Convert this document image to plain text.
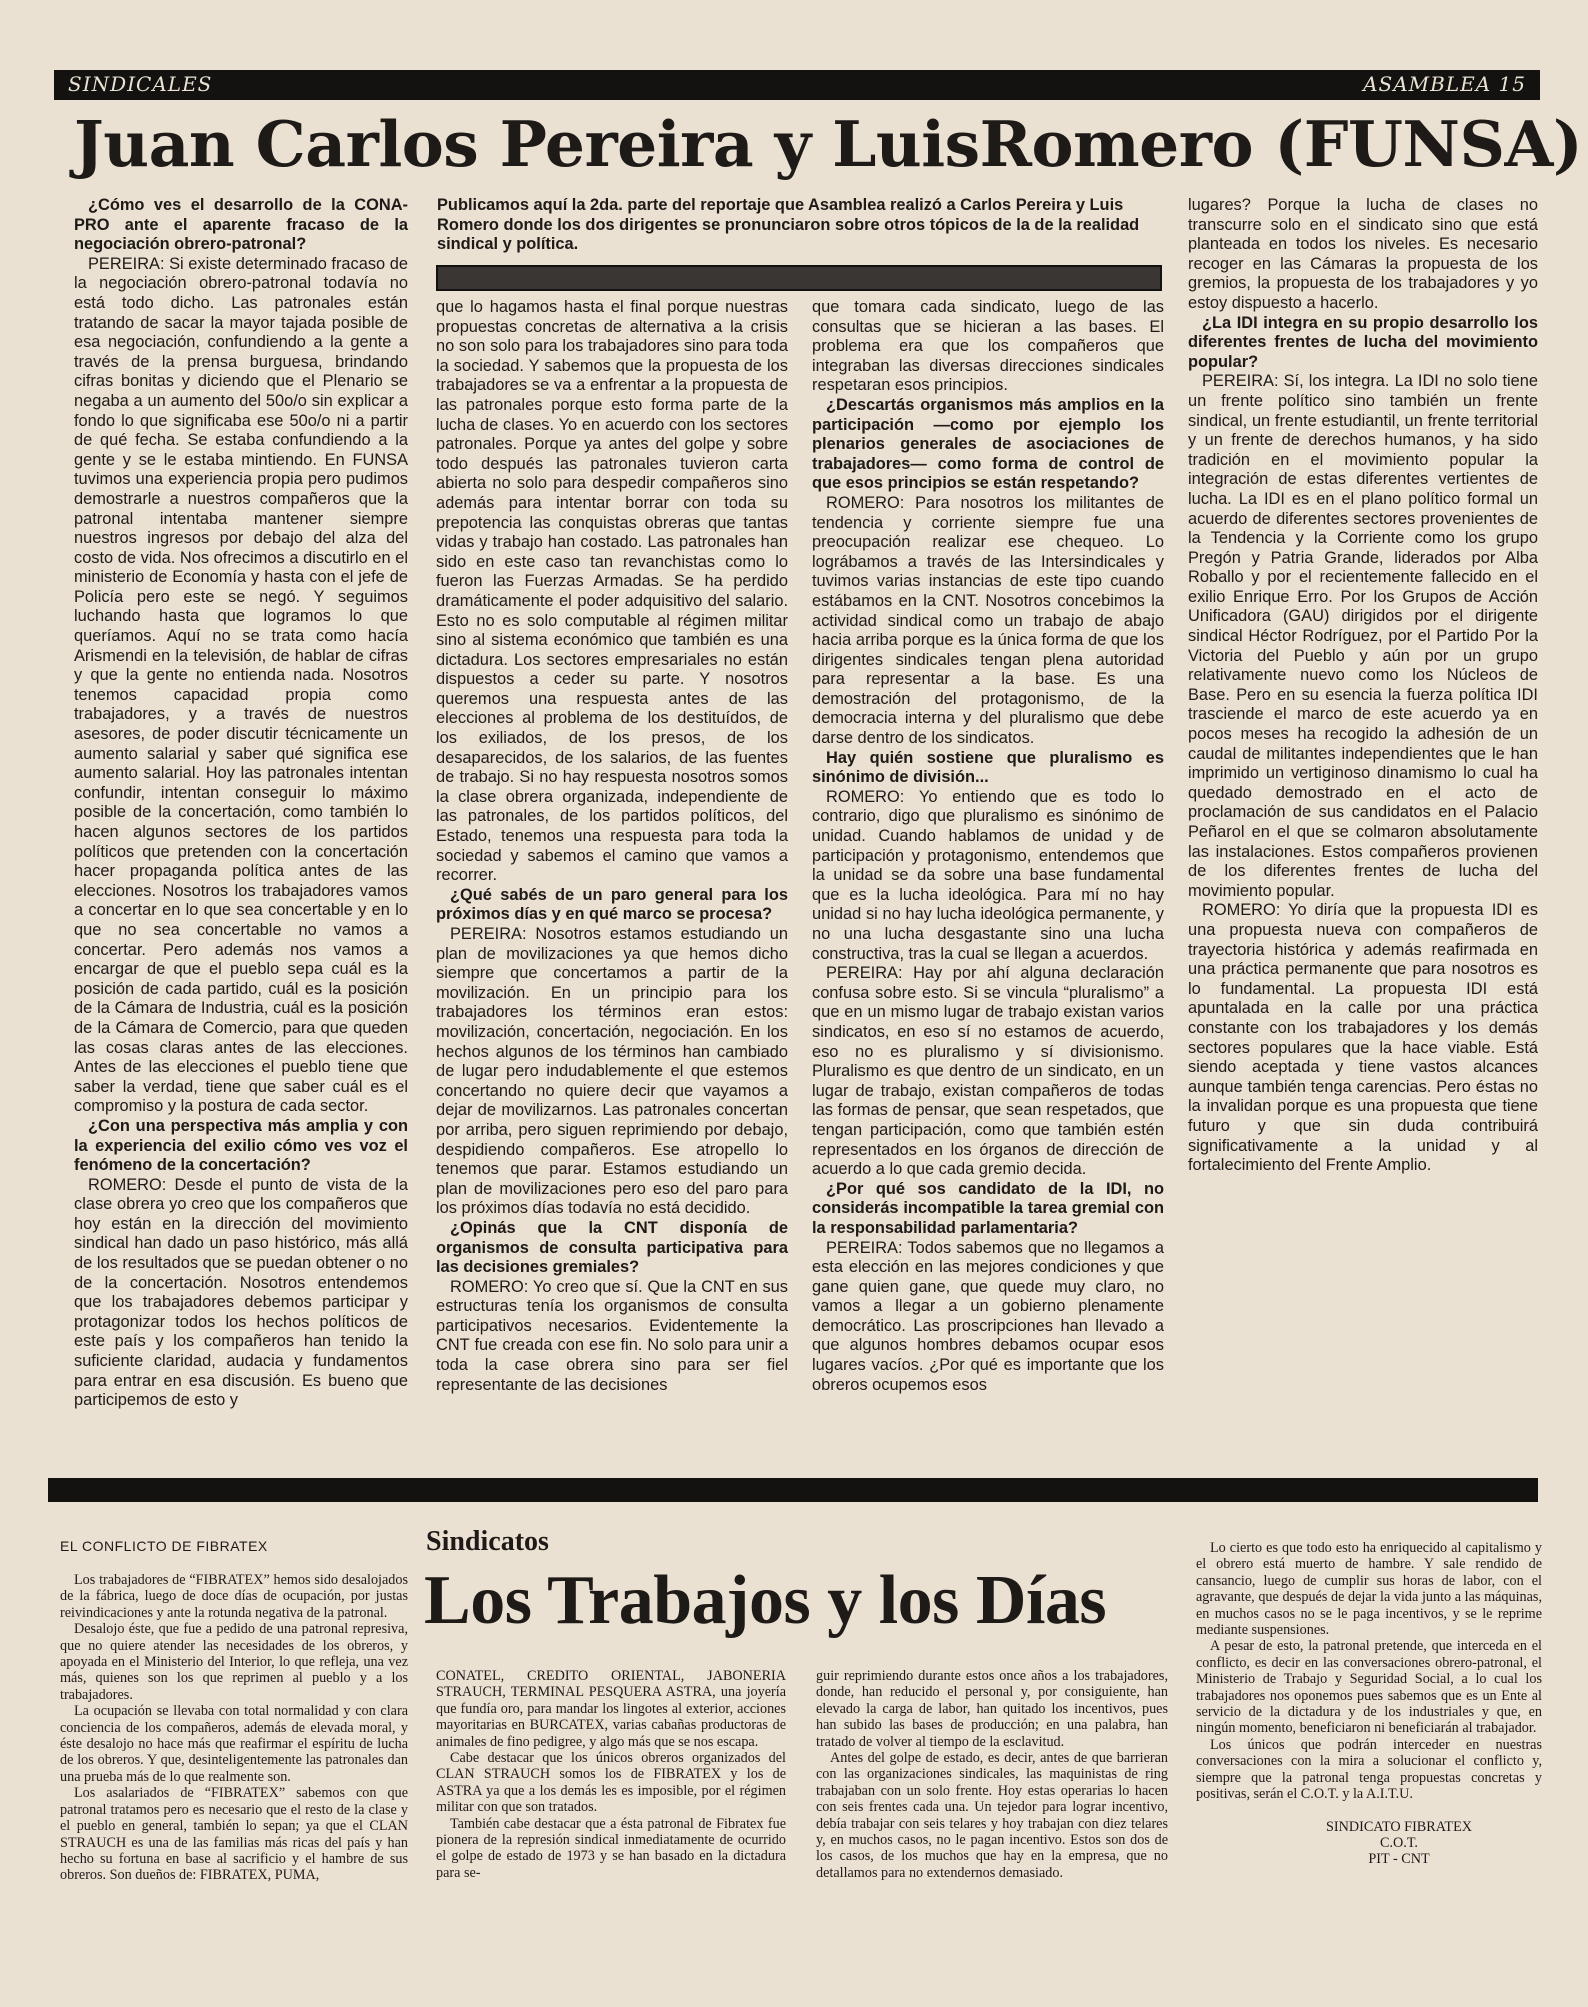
SINDICALES	ASAMBLEA 15
Juan Carlos Pereira y LuisRomero (FUNSA)

¿Cómo ves el desarrollo de la CONA-PRO ante el aparente fracaso de la negociación obrero-patronal?

PEREIRA: Si existe determinado fracaso de la negociación obrero-patronal todavía no está todo dicho. Las patronales están tratando de sacar la mayor tajada posible de esa negociación, confundiendo a la gente a través de la prensa burguesa, brindando cifras bonitas y diciendo que el Plenario se negaba a un aumento del 50o/o sin explicar a fondo lo que significaba ese 50o/o ni a partir de qué fecha. Se estaba confundiendo a la gente y se le estaba mintiendo. En FUNSA tuvimos una experiencia propia pero pudimos demostrarle a nuestros compañeros que la patronal intentaba mantener siempre nuestros ingresos por debajo del alza del costo de vida. Nos ofrecimos a discutirlo en el ministerio de Economía y hasta con el jefe de Policía pero este se negó. Y seguimos luchando hasta que logramos lo que queríamos. Aquí no se trata como hacía Arismendi en la televisión, de hablar de cifras y que la gente no entienda nada. Nosotros tenemos capacidad propia como trabajadores, y a través de nuestros asesores, de poder discutir técnicamente un aumento salarial y saber qué significa ese aumento salarial. Hoy las patronales intentan confundir, intentan conseguir lo máximo posible de la concertación, como también lo hacen algunos sectores de los partidos políticos que pretenden con la concertación hacer propaganda política antes de las elecciones. Nosotros los trabajadores vamos a concertar en lo que sea concertable y en lo que no sea concertable no vamos a concertar. Pero además nos vamos a encargar de que el pueblo sepa cuál es la posición de cada partido, cuál es la posición de la Cámara de Industria, cuál es la posición de la Cámara de Comercio, para que queden las cosas claras antes de las elecciones. Antes de las elecciones el pueblo tiene que saber la verdad, tiene que saber cuál es el compromiso y la postura de cada sector.

¿Con una perspectiva más amplia y con la experiencia del exilio cómo ves voz el fenómeno de la concertación?

ROMERO: Desde el punto de vista de la clase obrera yo creo que los compañeros que hoy están en la dirección del movimiento sindical han dado un paso histórico, más allá de los resultados que se puedan obtener o no de la concertación. Nosotros entendemos que los trabajadores debemos participar y protagonizar todos los hechos políticos de este país y los compañeros han tenido la suficiente claridad, audacia y fundamentos para entrar en esa discusión. Es bueno que participemos de esto y

Publicamos aquí la 2da. parte del reportaje que Asamblea realizó a Carlos Pereira y Luis Romero donde los dos dirigentes se pronunciaron sobre otros tópicos de la de la realidad sindical y política.

que lo hagamos hasta el final porque nuestras propuestas concretas de alternativa a la crisis no son solo para los trabajadores sino para toda la sociedad. Y sabemos que la propuesta de los trabajadores se va a enfrentar a la propuesta de las patronales porque esto forma parte de la lucha de clases. Yo en acuerdo con los sectores patronales. Porque ya antes del golpe y sobre todo después las patronales tuvieron carta abierta no solo para despedir compañeros sino además para intentar borrar con toda su prepotencia las conquistas obreras que tantas vidas y trabajo han costado. Las patronales han sido en este caso tan revanchistas como lo fueron las Fuerzas Armadas. Se ha perdido dramáticamente el poder adquisitivo del salario. Esto no es solo computable al régimen militar sino al sistema económico que también es una dictadura. Los sectores empresariales no están dispuestos a ceder su parte. Y nosotros queremos una respuesta antes de las elecciones al problema de los destituídos, de los exiliados, de los presos, de los desaparecidos, de los salarios, de las fuentes de trabajo. Si no hay respuesta nosotros somos la clase obrera organizada, independiente de las patronales, de los partidos políticos, del Estado, tenemos una respuesta para toda la sociedad y sabemos el camino que vamos a recorrer.

¿Qué sabés de un paro general para los próximos días y en qué marco se procesa?

PEREIRA: Nosotros estamos estudiando un plan de movilizaciones ya que hemos dicho siempre que concertamos a partir de la movilización. En un principio para los trabajadores los términos eran estos: movilización, concertación, negociación. En los hechos algunos de los términos han cambiado de lugar pero indudablemente el que estemos concertando no quiere decir que vayamos a dejar de movilizarnos. Las patronales concertan por arriba, pero siguen reprimiendo por debajo, despidiendo compañeros. Ese atropello lo tenemos que parar. Estamos estudiando un plan de movilizaciones pero eso del paro para los próximos días todavía no está decidido.

¿Opinás que la CNT disponía de organismos de consulta participativa para las decisiones gremiales?

ROMERO: Yo creo que sí. Que la CNT en sus estructuras tenía los organismos de consulta participativos necesarios. Evidentemente la CNT fue creada con ese fin. No solo para unir a toda la case obrera sino para ser fiel representante de las decisiones

que tomara cada sindicato, luego de las consultas que se hicieran a las bases. El problema era que los compañeros que integraban las diversas direcciones sindicales respetaran esos principios.

¿Descartás organismos más amplios en la participación —como por ejemplo los plenarios generales de asociaciones de trabajadores— como forma de control de que esos principios se están respetando?

ROMERO: Para nosotros los militantes de tendencia y corriente siempre fue una preocupación realizar ese chequeo. Lo lográbamos a través de las Intersindicales y tuvimos varias instancias de este tipo cuando estábamos en la CNT. Nosotros concebimos la actividad sindical como un trabajo de abajo hacia arriba porque es la única forma de que los dirigentes sindicales tengan plena autoridad para representar a la base. Es una demostración del protagonismo, de la democracia interna y del pluralismo que debe darse dentro de los sindicatos.

Hay quién sostiene que pluralismo es sinónimo de división...

ROMERO: Yo entiendo que es todo lo contrario, digo que pluralismo es sinónimo de unidad. Cuando hablamos de unidad y de participación y protagonismo, entendemos que la unidad se da sobre una base fundamental que es la lucha ideológica. Para mí no hay unidad si no hay lucha ideológica permanente, y no una lucha desgastante sino una lucha constructiva, tras la cual se llegan a acuerdos.

PEREIRA: Hay por ahí alguna declaración confusa sobre esto. Si se vincula “pluralismo” a que en un mismo lugar de trabajo existan varios sindicatos, en eso sí no estamos de acuerdo, eso no es pluralismo y sí divisionismo. Pluralismo es que dentro de un sindicato, en un lugar de trabajo, existan compañeros de todas las formas de pensar, que sean respetados, que tengan participación, como que también estén representados en los órganos de dirección de acuerdo a lo que cada gremio decida.

¿Por qué sos candidato de la IDI, no considerás incompatible la tarea gremial con la responsabilidad parlamentaria?

PEREIRA: Todos sabemos que no llegamos a esta elección en las mejores condiciones y que gane quien gane, que quede muy claro, no vamos a llegar a un gobierno plenamente democrático. Las proscripciones han llevado a que algunos hombres debamos ocupar esos lugares vacíos. ¿Por qué es importante que los obreros ocupemos esos

lugares? Porque la lucha de clases no transcurre solo en el sindicato sino que está planteada en todos los niveles. Es necesario recoger en las Cámaras la propuesta de los gremios, la propuesta de los trabajadores y yo estoy dispuesto a hacerlo.

¿La IDI integra en su propio desarrollo los diferentes frentes de lucha del movimiento popular?

PEREIRA: Sí, los integra. La IDI no solo tiene un frente político sino también un frente sindical, un frente estudiantil, un frente territorial y un frente de derechos humanos, y ha sido tradición en el movimiento popular la integración de estas diferentes vertientes de lucha. La IDI es en el plano político formal un acuerdo de diferentes sectores provenientes de la Tendencia y la Corriente como los grupo Pregón y Patria Grande, liderados por Alba Roballo y por el recientemente fallecido en el exilio Enrique Erro. Por los Grupos de Acción Unificadora (GAU) dirigidos por el dirigente sindical Héctor Rodríguez, por el Partido Por la Victoria del Pueblo y aún por un grupo relativamente nuevo como los Núcleos de Base. Pero en su esencia la fuerza política IDI trasciende el marco de este acuerdo ya en pocos meses ha recogido la adhesión de un caudal de militantes independientes que le han imprimido un vertiginoso dinamismo lo cual ha quedado demostrado en el acto de proclamación de sus candidatos en el Palacio Peñarol en el que se colmaron absolutamente las instalaciones. Estos compañeros provienen de los diferentes frentes de lucha del movimiento popular.

ROMERO: Yo diría que la propuesta IDI es una propuesta nueva con compañeros de trayectoria histórica y además reafirmada en una práctica permanente que para nosotros es lo fundamental. La propuesta IDI está apuntalada en la calle por una práctica constante con los trabajadores y los demás sectores populares que la hace viable. Está siendo aceptada y tiene vastos alcances aunque también tenga carencias. Pero éstas no la invalidan porque es una propuesta que tiene futuro y que sin duda contribuirá significativamente a la unidad y al fortalecimiento del Frente Amplio.

EL CONFLICTO DE FIBRATEX	Sindicatos
Los Trabajos y los Días

Los trabajadores de “FIBRATEX” hemos sido desalojados de la fábrica, luego de doce días de ocupación, por justas reivindicaciones y ante la rotunda negativa de la patronal.

Desalojo éste, que fue a pedido de una patronal represiva, que no quiere atender las necesidades de los obreros, y apoyada en el Ministerio del Interior, lo que refleja, una vez más, quienes son los que reprimen al pueblo y a los trabajadores.

La ocupación se llevaba con total normalidad y con clara conciencia de los compañeros, además de elevada moral, y éste desalojo no hace más que reafirmar el espíritu de lucha de los obreros. Y que, desinteligentemente las patronales dan una prueba más de lo que realmente son.

Los asalariados de “FIBRATEX” sabemos con que patronal tratamos pero es necesario que el resto de la clase y el pueblo en general, también lo sepan; ya que el CLAN STRAUCH es una de las familias más ricas del país y han hecho su fortuna en base al sacrificio y el hambre de sus obreros. Son dueños de: FIBRATEX, PUMA,

CONATEL, CREDITO ORIENTAL, JABONERIA STRAUCH, TERMINAL PESQUERA ASTRA, una joyería que fundía oro, para mandar los lingotes al exterior, acciones mayoritarias en BURCATEX, varias cabañas productoras de animales de fino pedigree, y algo más que se nos escapa.

Cabe destacar que los únicos obreros organizados del CLAN STRAUCH somos los de FIBRATEX y los de ASTRA ya que a los demás les es imposible, por el régimen militar con que son tratados.

También cabe destacar que a ésta patronal de Fibratex fue pionera de la represión sindical inmediatamente de ocurrido el golpe de estado de 1973 y se han basado en la dictadura para se-

guir reprimiendo durante estos once años a los trabajadores, donde, han reducido el personal y, por consiguiente, han elevado la carga de labor, han quitado los incentivos, pues han subido las bases de producción; en una palabra, han tratado de volver al tiempo de la esclavitud.

Antes del golpe de estado, es decir, antes de que barrieran con las organizaciones sindicales, las maquinistas de ring trabajaban con un solo frente. Hoy estas operarias lo hacen con seis frentes cada una. Un tejedor para lograr incentivo, debía trabajar con seis telares y hoy trabajan con diez telares y, en muchos casos, no le pagan incentivo. Estos son dos de los casos, de los muchos que hay en la empresa, que no detallamos para no extendernos demasiado.

Lo cierto es que todo esto ha enriquecido al capitalismo y el obrero está muerto de hambre. Y sale rendido de cansancio, luego de cumplir sus horas de labor, con el agravante, que después de dejar la vida junto a las máquinas, en muchos casos no se le paga incentivos, y se le reprime mediante suspensiones.

A pesar de esto, la patronal pretende, que interceda en el conflicto, es decir en las conversaciones obrero-patronal, el Ministerio de Trabajo y Seguridad Social, a lo cual los trabajadores nos oponemos pues sabemos que es un Ente al servicio de la dictadura y de los industriales y que, en ningún momento, beneficiaron ni beneficiarán al trabajador.

Los únicos que podrán interceder en nuestras conversaciones con la mira a solucionar el conflicto y, siempre que la patronal tenga propuestas concretas y positivas, serán el C.O.T. y la A.I.T.U.

SINDICATO FIBRATEX
C.O.T.
PIT - CNT
